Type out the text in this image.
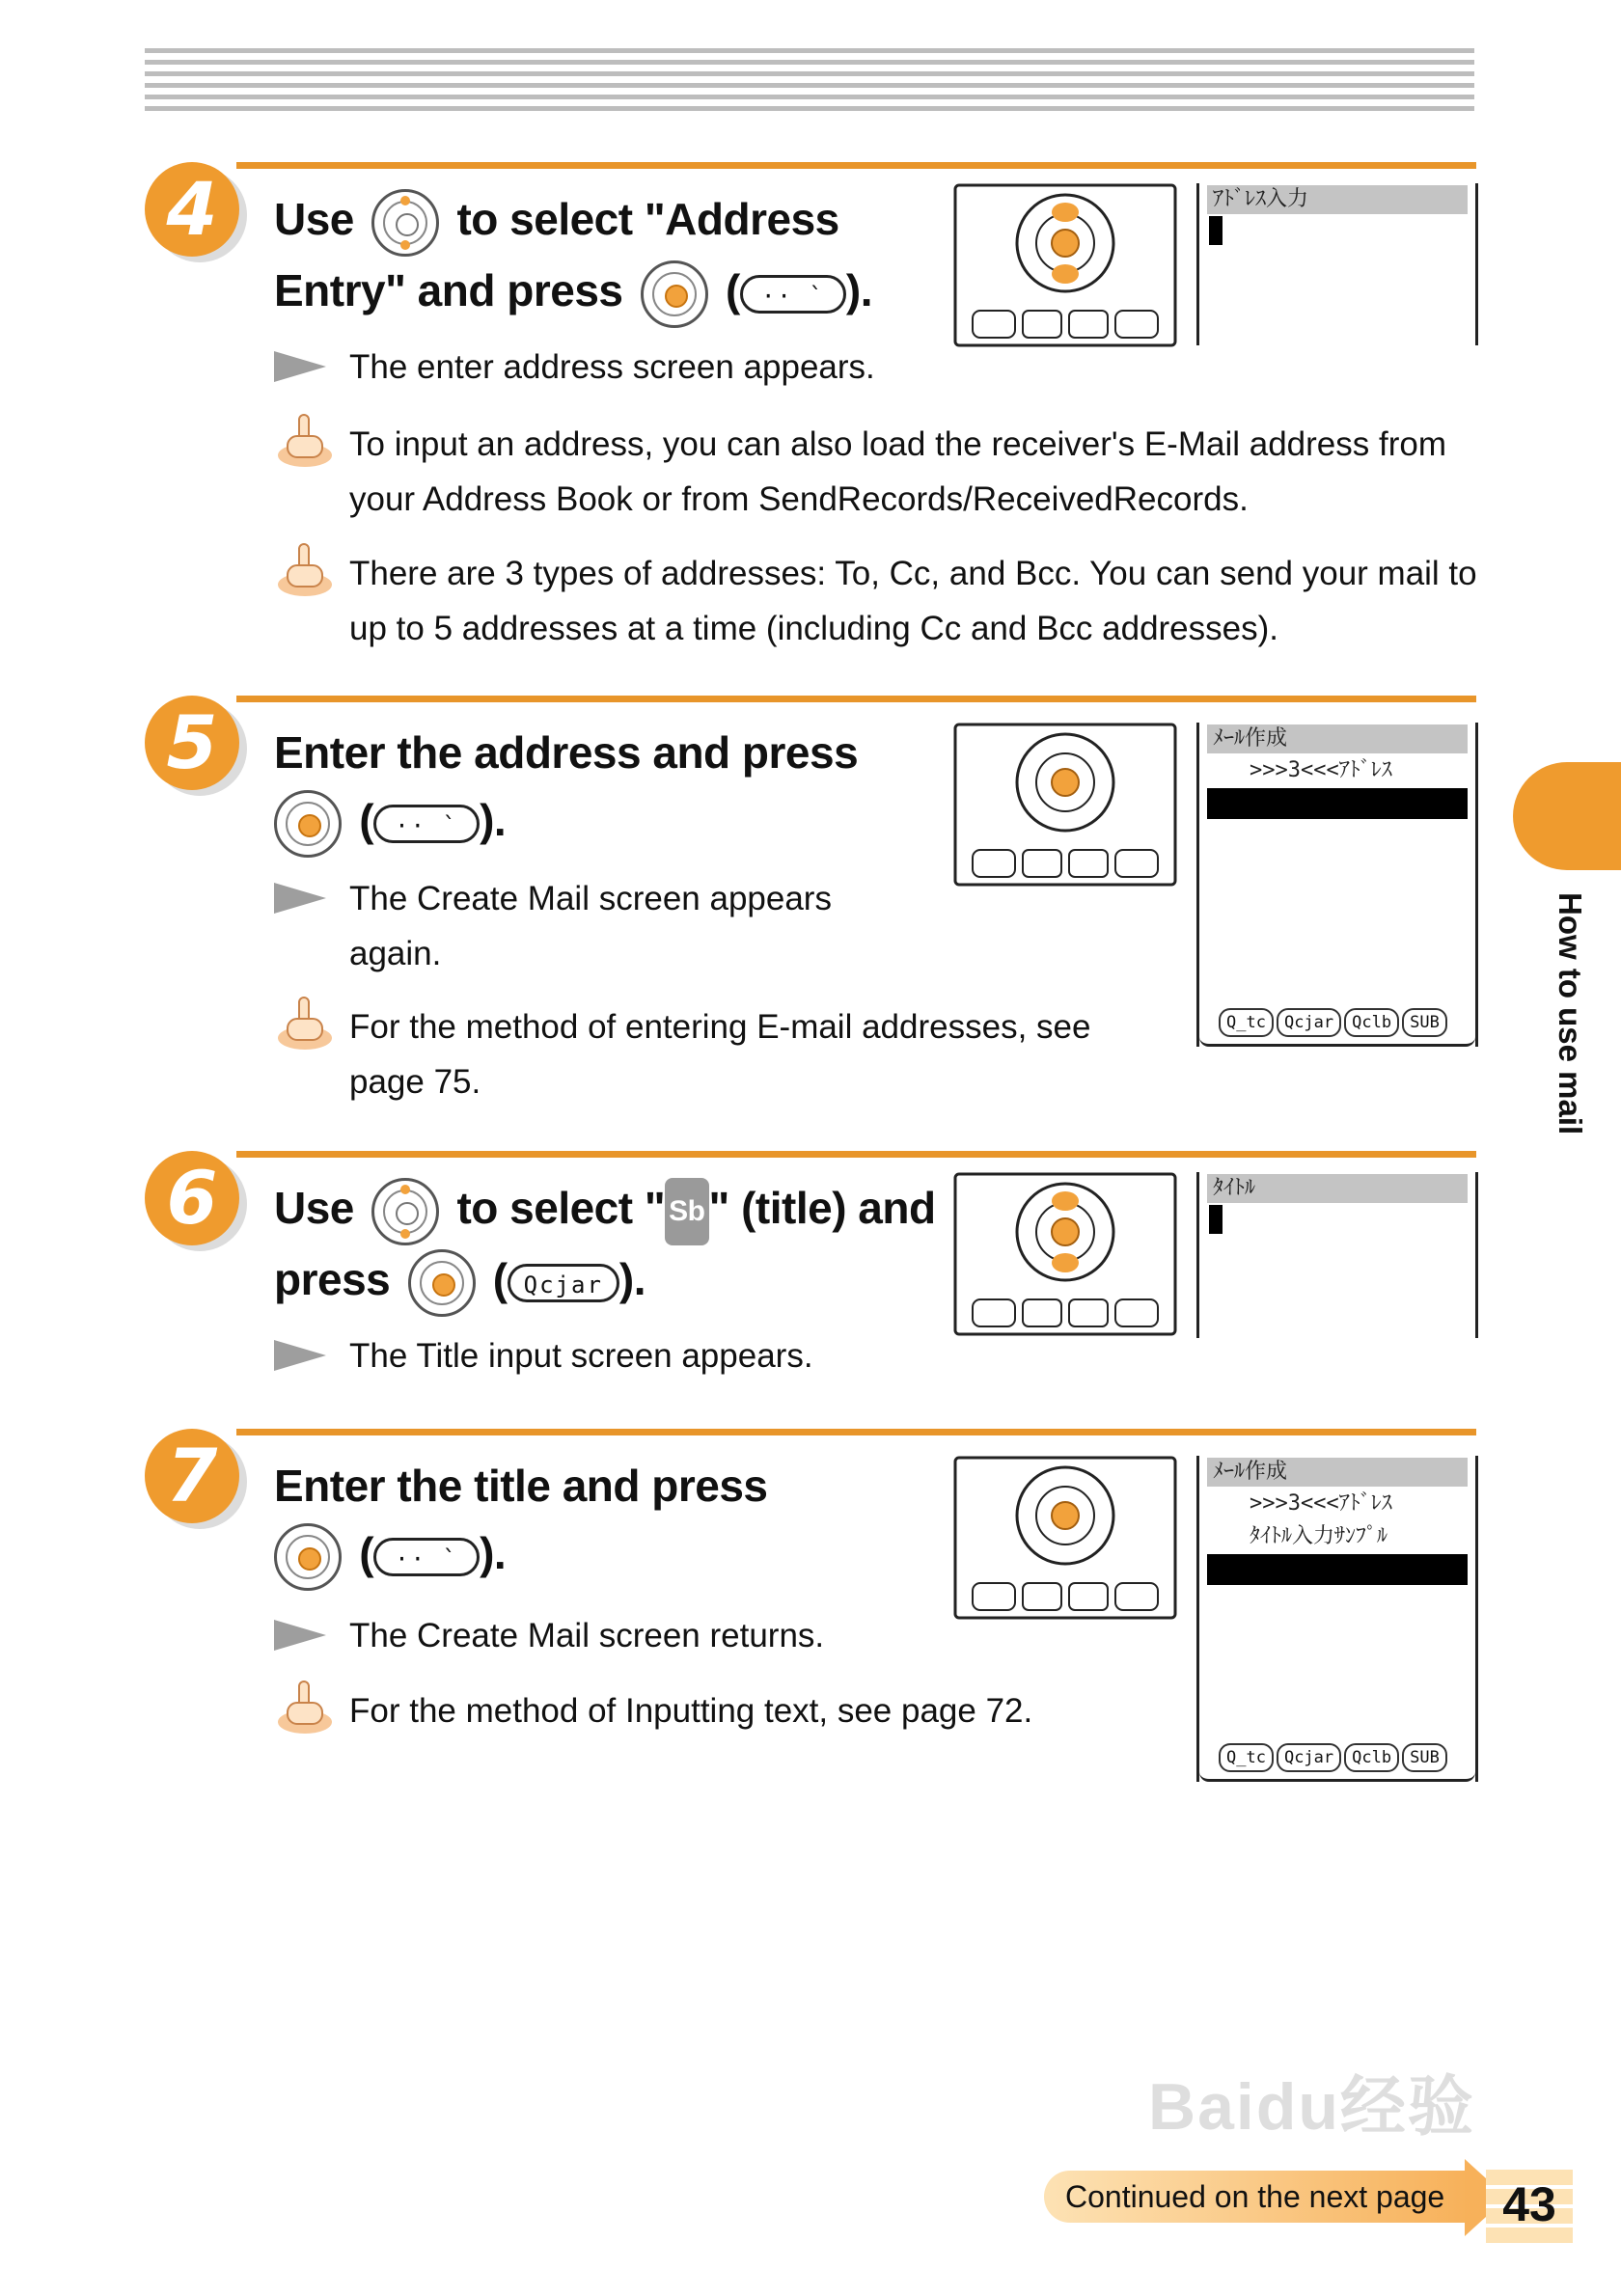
4	Use to select "Address
Entry" and press
( ·· ` ).
The enter address screen appears.
To input an address, you can also load the receiver's E-Mail address from
your Address Book or from SendRecords/ReceivedRecords.
There are 3 types of addresses: To, Cc, and Bcc. You can send your mail to
up to 5 addresses at a time (including Cc and Bcc addresses).
ｱﾄﾞﾚｽ入力
5	Enter the address and press
( ·· ` ).
The Create Mail screen appears
again.
For the method of entering E-mail addresses, see
page 75.
ﾒｰﾙ作成
>>>3<<<ｱﾄﾞﾚｽ
Q_tc Qcjar Qclb SUB
6	Use to select " Sb" (title) and
press
( Qcjar ).
The Title input screen appears.
ﾀｲﾄﾙ
7	Enter the title and press
( ·· ` ).
The Create Mail screen returns.
For the method of Inputting text, see page 72.
ﾒｰﾙ作成
>>>3<<<ｱﾄﾞﾚｽ
ﾀｲﾄﾙ入力ｻﾝﾌﾟﾙ
Q_tc Qcjar Qclb SUB
How to use mail
Baidu经验
Continued on the next page	43
